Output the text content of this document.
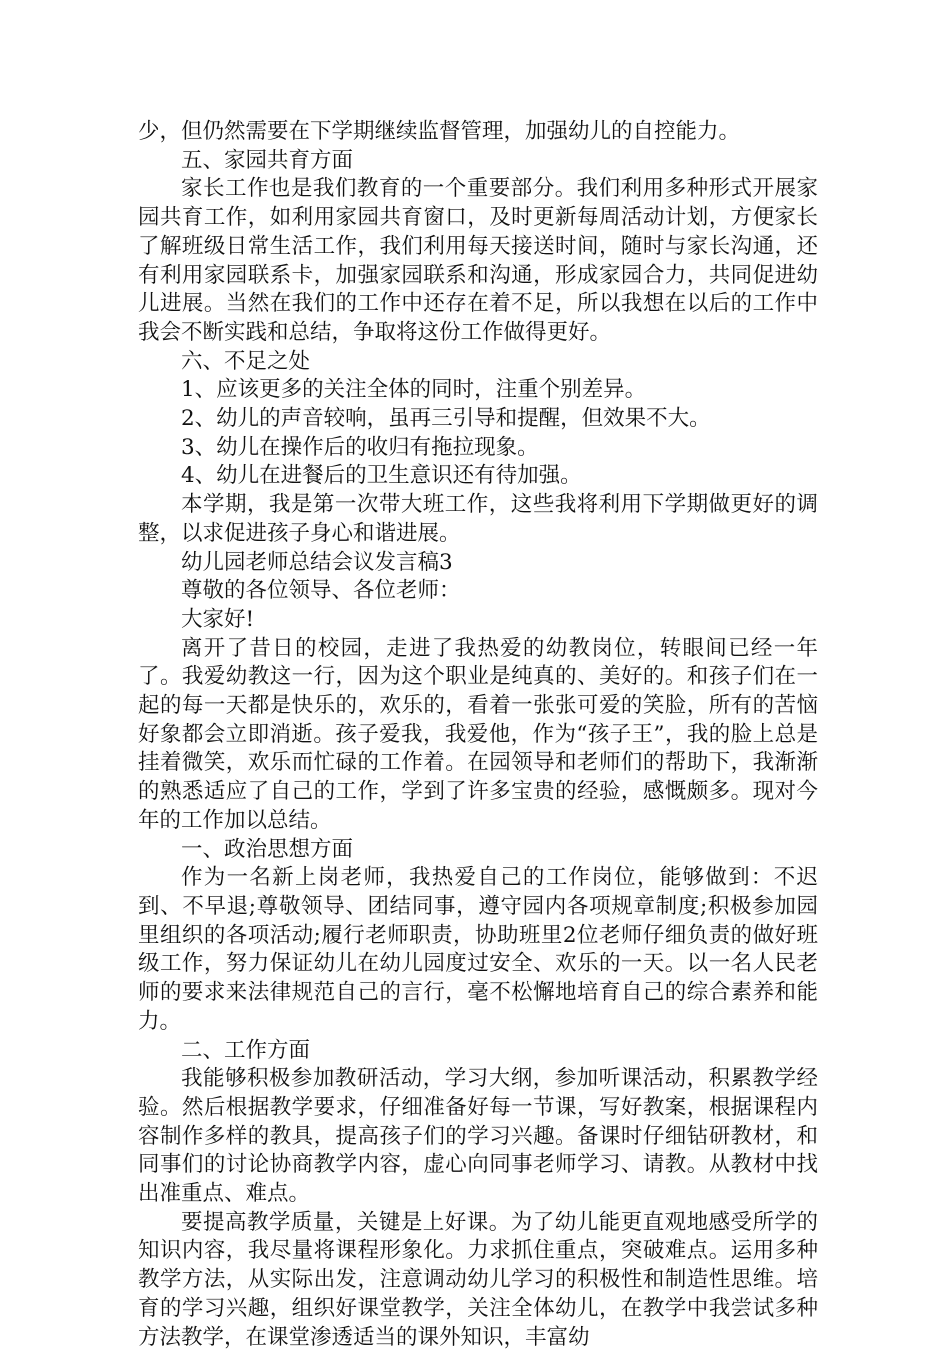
少，但仍然需要在下学期继续监督管理，加强幼儿的自控能力。

五、家园共育方面

家长工作也是我们教育的一个重要部分。我们利用多种形式开展家园共育工作，如利用家园共育窗口，及时更新每周活动计划，方便家长了解班级日常生活工作，我们利用每天接送时间，随时与家长沟通，还有利用家园联系卡，加强家园联系和沟通，形成家园合力，共同促进幼儿进展。当然在我们的工作中还存在着不足，所以我想在以后的工作中我会不断实践和总结，争取将这份工作做得更好。

六、不足之处

1、应该更多的关注全体的同时，注重个别差异。

2、幼儿的声音较响，虽再三引导和提醒，但效果不大。

3、幼儿在操作后的收归有拖拉现象。

4、幼儿在进餐后的卫生意识还有待加强。

本学期，我是第一次带大班工作，这些我将利用下学期做更好的调整，以求促进孩子身心和谐进展。

幼儿园老师总结会议发言稿3

尊敬的各位领导、各位老师：

大家好!

离开了昔日的校园，走进了我热爱的幼教岗位，转眼间已经一年了。我爱幼教这一行，因为这个职业是纯真的、美好的。和孩子们在一起的每一天都是快乐的，欢乐的，看着一张张可爱的笑脸，所有的苦恼好象都会立即消逝。孩子爱我，我爱他，作为“孩子王”，我的脸上总是挂着微笑，欢乐而忙碌的工作着。在园领导和老师们的帮助下，我渐渐的熟悉适应了自己的工作，学到了许多宝贵的经验，感慨颇多。现对今年的工作加以总结。

一、政治思想方面

作为一名新上岗老师，我热爱自己的工作岗位，能够做到：不迟到、不早退;尊敬领导、团结同事，遵守园内各项规章制度;积极参加园里组织的各项活动;履行老师职责，协助班里2位老师仔细负责的做好班级工作，努力保证幼儿在幼儿园度过安全、欢乐的一天。以一名人民老师的要求来法律规范自己的言行，毫不松懈地培育自己的综合素养和能力。

二、工作方面

我能够积极参加教研活动，学习大纲，参加听课活动，积累教学经验。然后根据教学要求，仔细准备好每一节课，写好教案，根据课程内容制作多样的教具，提高孩子们的学习兴趣。备课时仔细钻研教材，和同事们的讨论协商教学内容，虚心向同事老师学习、请教。从教材中找出准重点、难点。

要提高教学质量，关键是上好课。为了幼儿能更直观地感受所学的知识内容，我尽量将课程形象化。力求抓住重点，突破难点。运用多种教学方法，从实际出发，注意调动幼儿学习的积极性和制造性思维。培育的学习兴趣，组织好课堂教学，关注全体幼儿，在教学中我尝试多种方法教学，在课堂渗透适当的课外知识，丰富幼
